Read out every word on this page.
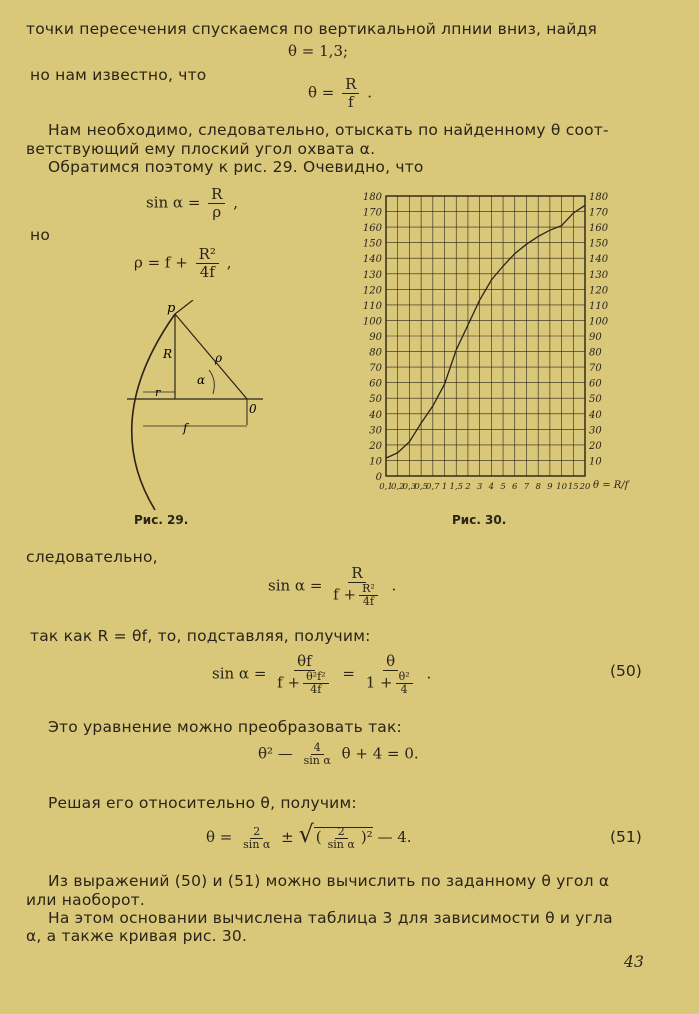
точки пересечения спускаемся по вертикальной лпнии вниз, найдя
θ = 1,3;
но нам известно, что
$\theta = \frac{R}{f}$ .
Нам необходимо, следовательно, отыскать по найденному θ соот-
ветствующий ему плоский угол охвата α.
Обратимся поэтому к рис. 29. Очевидно, что
$\sin \alpha = \frac{R}{\rho}$ ,
но
$\rho = f + \frac{\text{R²}}{4f}$ ,
p
R	ρ
α
r
f
0
Рис. 29.
10	10
20	20
30	30
40	40
50	50
60	60
70	70
80	80
90	90
100	100
110	110
120	120
130	130
140	140
150	150
160	160
170	170
180	180
0
0,1
0,2
0,3
0,5
0,7 1 1,5 2 3 4 5 6 7 8 9 10 15 20 θ = R/f
Рис. 30.
следовательно,
$\sin \alpha = \frac{R}{f + \frac{\text{R²}}{4f}}$ .
так как R = θf, то, подставляя, получим:
$\sin \alpha = \frac{\theta f}{f + \frac{\text{θ²f²}}{4f}} = \frac{\theta}{1 + \frac{\text{θ²}}{4}}$ .	(50)
Это уравнение можно преобразовать так:
θ² — $\frac{4}{\text{sin α}}$ θ + 4 = 0.
Решая его относительно θ, получим:
$\theta = \frac{2}{\text{sin α}}$ ± √ ( $\frac{2}{\text{sin α}} )^2$ — 4.	(51)
Из выражений (50) и (51) можно вычислить по заданному θ угол α
или наоборот.
На этом основании вычислена таблица 3 для зависимости θ и угла
α, а также кривая рис. 30.
43
